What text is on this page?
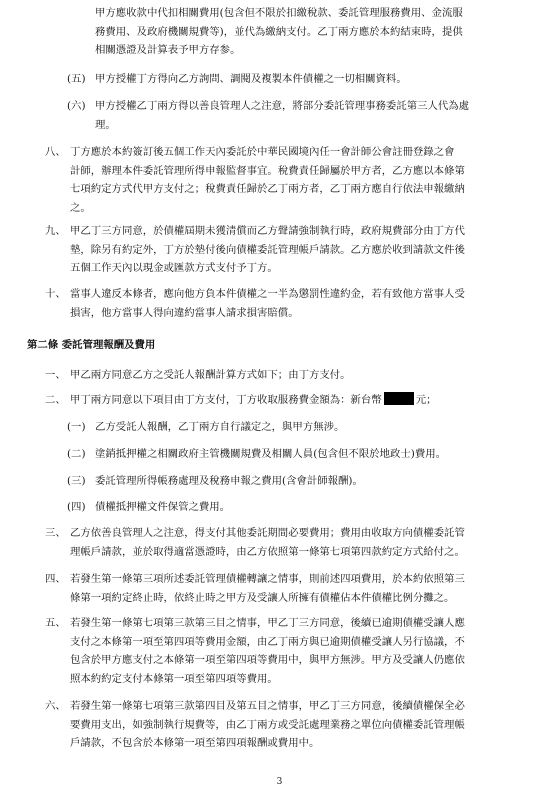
甲方應收款中代扣相關費用(包含但不限於扣繳稅款、委託管理服務費用、金流服
務費用、及政府機關規費等)，並代為繳納支付。乙丁兩方應於本約結束時，提供
相關憑證及計算表予甲方存参。
(五) 甲方授權丁方得向乙方詢問、調閱及複製本件債權之一切相關資料。
(六) 甲方授權乙丁兩方得以善良管理人之注意，將部分委託管理事務委託第三人代為處
理。
八、 丁方應於本約簽訂後五個工作天內委託於中華民國境內任一會計師公會註冊登錄之會
計師，辦理本件委託管理所得申報監督事宜。稅費責任歸屬於甲方者，乙方應以本條第
七項約定方式代甲方支付之；稅費責任歸於乙丁兩方者，乙丁兩方應自行依法申報繳納
之。
九、 甲乙丁三方同意，於債權屆期未獲清償而乙方聲請強制執行時，政府規費部分由丁方代
墊，除另有約定外，丁方於墊付後向債權委託管理帳戶請款。乙方應於收到請款文件後
五個工作天內以現金或匯款方式支付予丁方。
十、 當事人違反本條者，應向他方負本件債權之一半為懲罰性違約金，若有致他方當事人受
損害，他方當事人得向違約當事人請求損害賠償。
第二條 委託管理報酬及費用
一、 甲乙兩方同意乙方之受託人報酬計算方式如下；由丁方支付。
二、 甲丁兩方同意以下項目由丁方支付，丁方收取服務費金額為：新台幣	元；
(一) 乙方受託人報酬，乙丁兩方自行議定之，與甲方無涉。
(二) 塗銷抵押權之相關政府主管機關規費及相關人員(包含但不限於地政士)費用。
(三) 委託管理所得帳務處理及稅務申報之費用(含會計師報酬)。
(四) 債權抵押權文件保管之費用。
三、 乙方依善良管理人之注意，得支付其他委託期間必要費用；費用由收取方向債權委託管
理帳戶請款，並於取得適當憑證時，由乙方依照第一條第七項第四款約定方式給付之。
四、 若發生第一條第三項所述委託管理債權轉讓之情事，則前述四項費用，於本約依照第三
條第一項約定終止時，依終止時之甲方及受讓人所擁有債權佔本件債權比例分攤之。
五、 若發生第一條第七項第三款第三目之情事，甲乙丁三方同意，後續已逾期債權受讓人應
支付之本條第一項至第四項等費用金額，由乙丁兩方與已逾期債權受讓人另行協議，不
包含於甲方應支付之本條第一項至第四項等費用中，與甲方無涉。甲方及受讓人仍應依
照本約約定支付本條第一項至第四項等費用。
六、 若發生第一條第七項第三款第四目及第五目之情事，甲乙丁三方同意，後續債權保全必
要費用支出，如強制執行規費等，由乙丁兩方或受託處理業務之單位向債權委託管理帳
戶請款，不包含於本條第一項至第四項報酬或費用中。
3
